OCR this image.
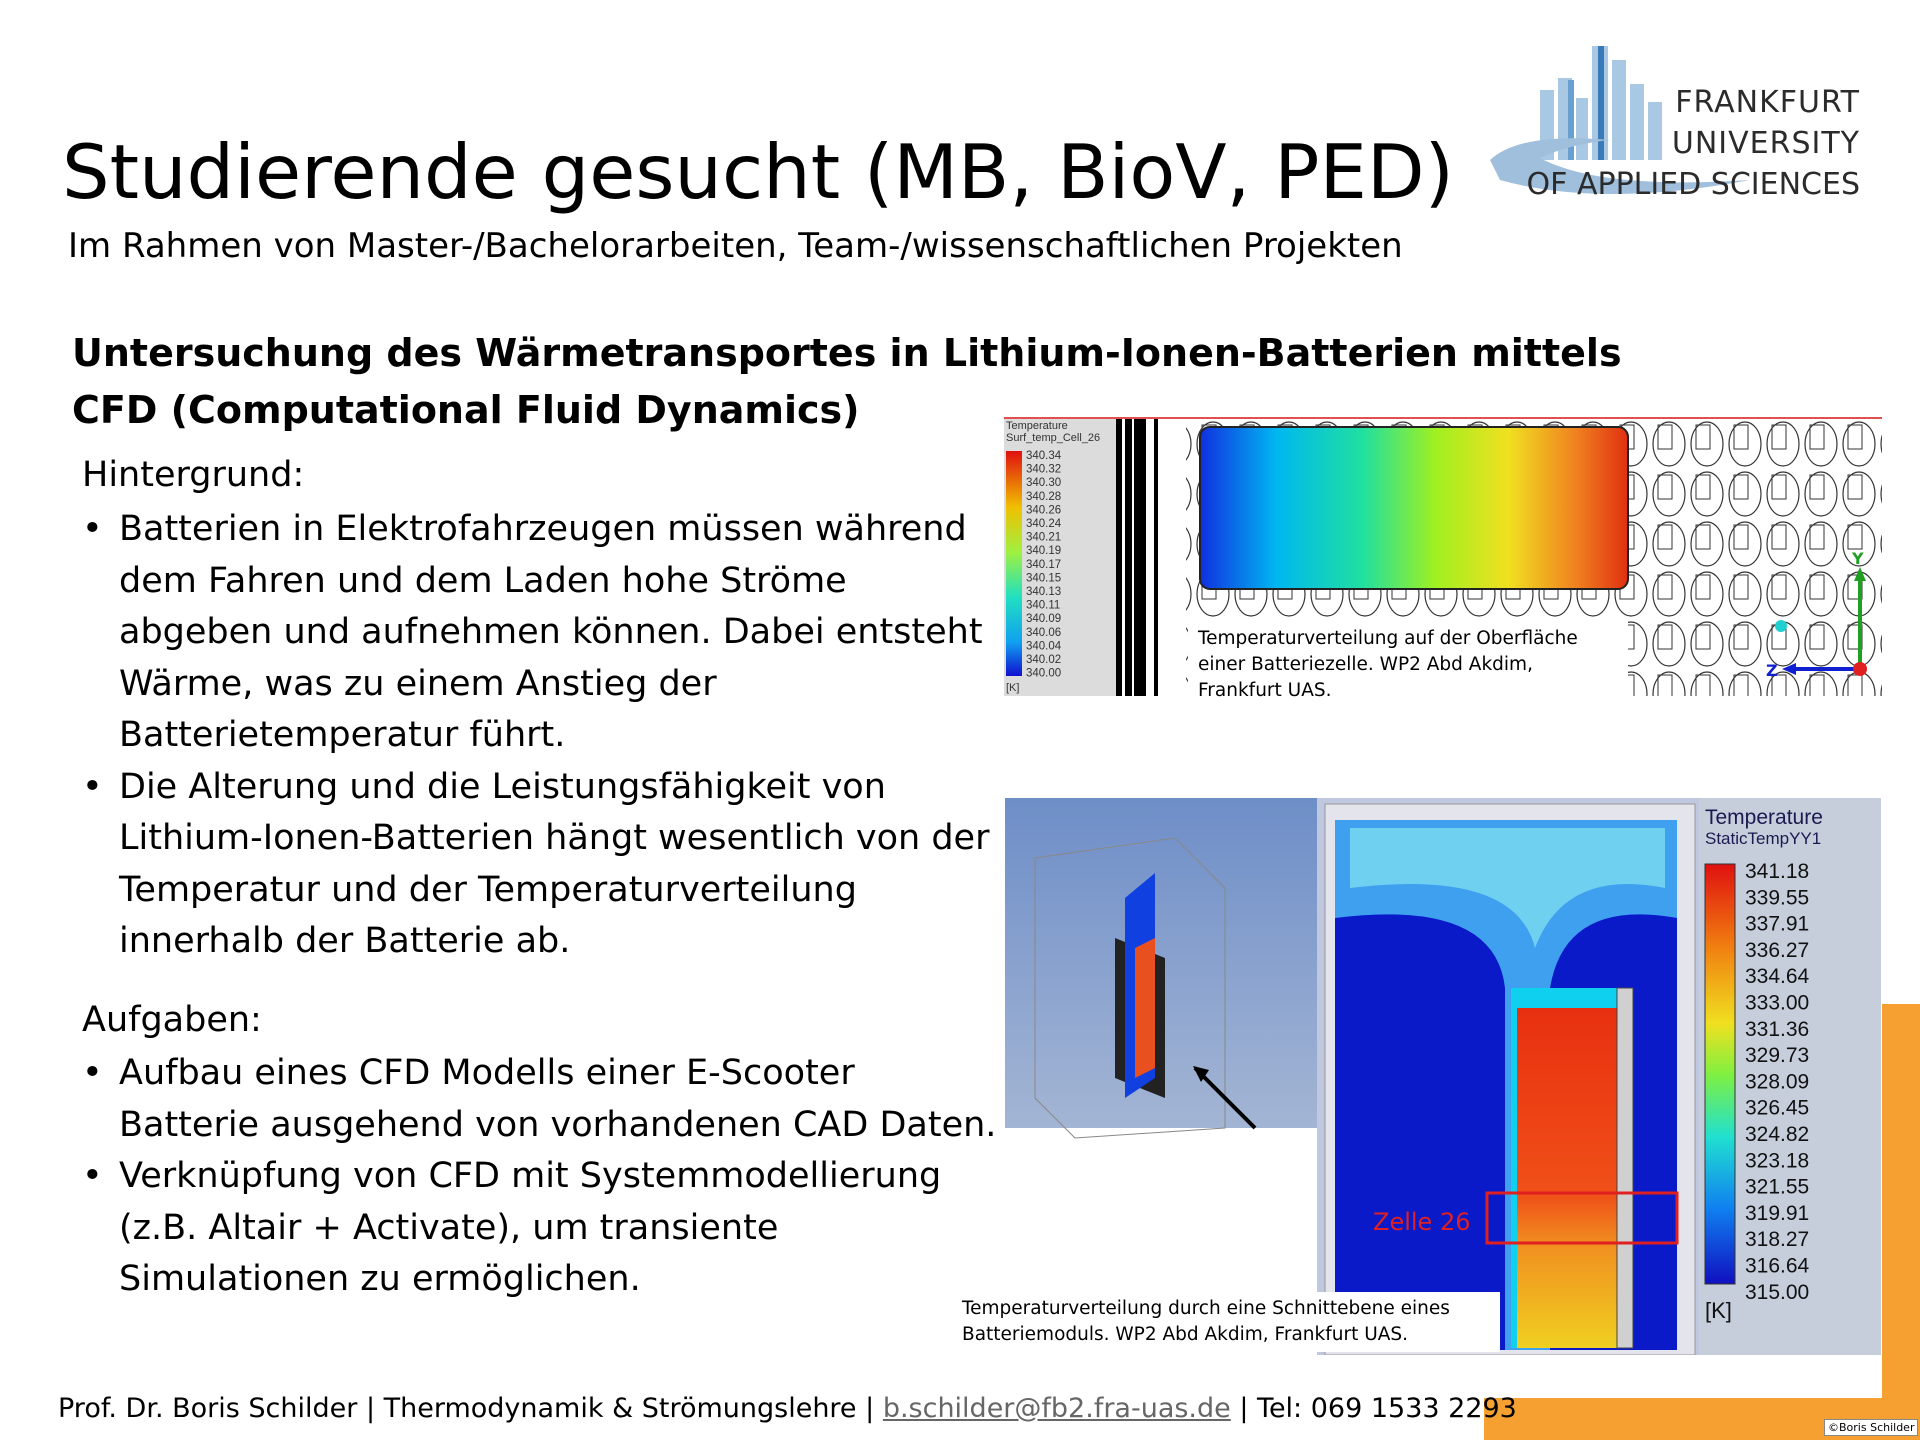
Studierende gesucht (MB, BioV, PED)
Im Rahmen von Master-/Bachelorarbeiten, Team-/wissenschaftlichen Projekten
FRANKFURT
UNIVERSITY
OF APPLIED SCIENCES
Untersuchung des Wärmetransportes in Lithium-Ionen-Batterien mittels CFD (Computational Fluid Dynamics)
Hintergrund:
• Batterien in Elektrofahrzeugen müssen während dem Fahren und dem Laden hohe Ströme abgeben und aufnehmen können. Dabei entsteht Wärme, was zu einem Anstieg der Batterietemperatur führt.
• Die Alterung und die Leistungsfähigkeit von Lithium-Ionen-Batterien hängt wesentlich von der Temperatur und der Temperaturverteilung innerhalb der Batterie ab.
Aufgaben:
• Aufbau eines CFD Modells einer E-Scooter Batterie ausgehend von vorhandenen CAD Daten.
• Verknüpfung von CFD mit Systemmodellierung (z.B. Altair + Activate), um transiente Simulationen zu ermöglichen.
Temperature
Surf_temp_Cell_26
340.34
340.32
340.30
340.28
340.26
340.24
340.21
340.19
340.17
340.15
340.13
340.11
340.09
340.06
340.04
340.02
340.00
[K]
Y
Z
Temperaturverteilung auf der Oberfläche einer Batteriezelle. WP2 Abd Akdim, Frankfurt UAS.
Zelle 26
Temperature
StaticTempYY1
341.18
339.55
337.91
336.27
334.64
333.00
331.36
329.73
328.09
326.45
324.82
323.18
321.55
319.91
318.27
316.64
315.00
[K]
Temperaturverteilung durch eine Schnittebene eines Batteriemoduls. WP2 Abd Akdim, Frankfurt UAS.
Prof. Dr. Boris Schilder | Thermodynamik & Strömungslehre | b.schilder@fb2.fra-uas.de | Tel: 069 1533 2293
©Boris Schilder
